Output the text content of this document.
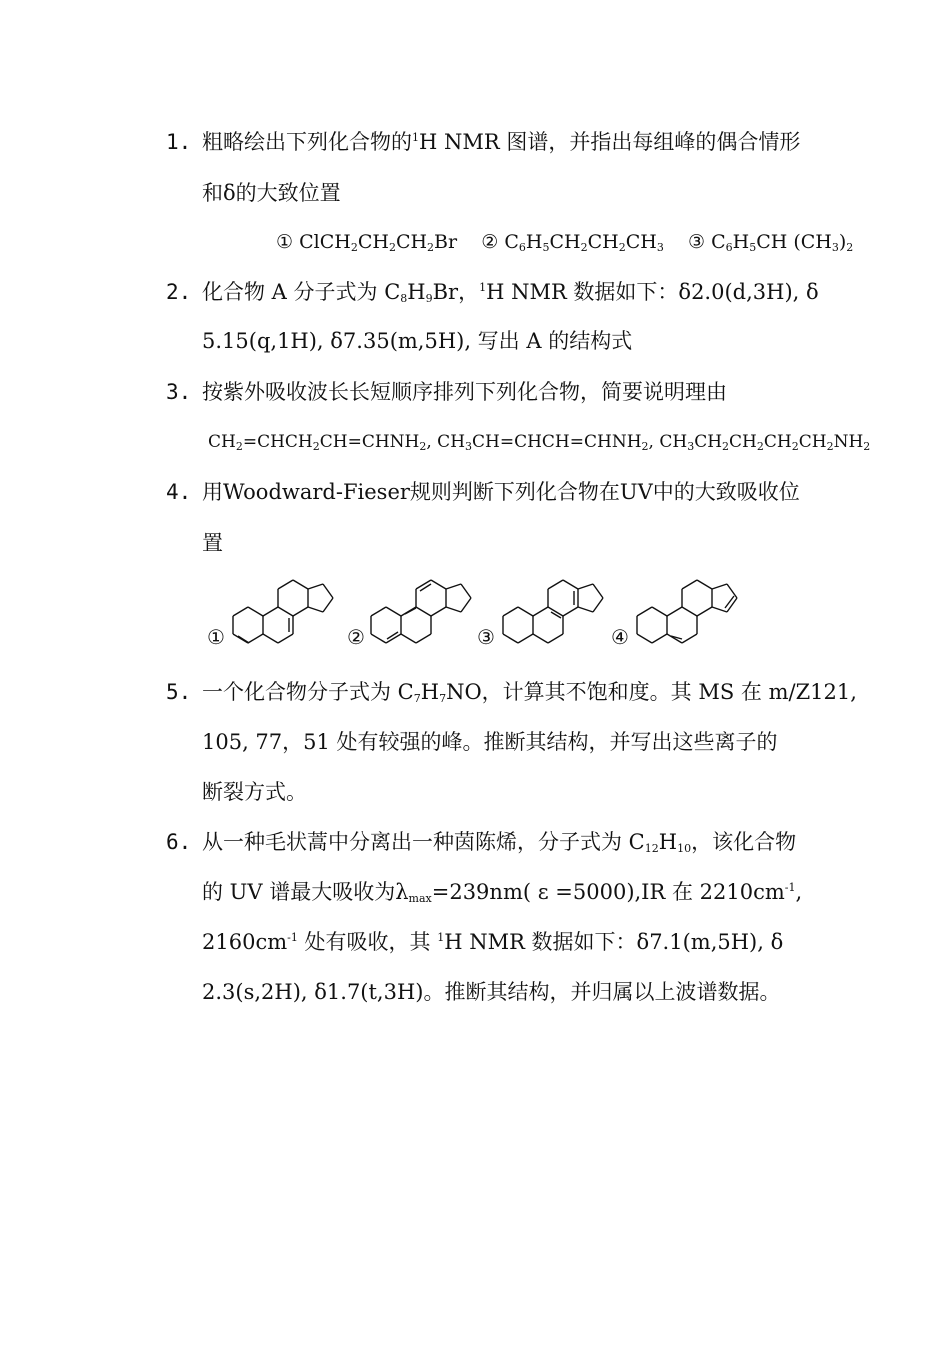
1. 粗略绘出下列化合物的$^1$H NMR 图谱，并指出每组峰的偶合情形
和δ的大致位置
① $ClCH_2CH_2CH_2Br$ ② $C_6H_5CH_2CH_2CH_3$ ③ $C_6H_5CH$ $(CH_3)_2$
2. 化合物 A 分子式为 $C_8H_9Br$，$^1$H NMR 数据如下：δ2.0(d,3H), δ
5.15(q,1H), δ7.35(m,5H), 写出 A 的结构式
3. 按紫外吸收波长长短顺序排列下列化合物，简要说明理由
$CH_2=CHCH_2CH=CHNH_2$, $CH_3CH=CHCH=CHNH_2$, $CH_3CH_2CH_2CH_2CH_2NH_2$
4. 用Woodward-Fieser规则判断下列化合物在UV中的大致吸收位
置
①	②	③	④
5. 一个化合物分子式为 $C_7H_7NO$，计算其不饱和度。其 MS 在 m/Z121,
105, 77，51 处有较强的峰。推断其结构，并写出这些离子的
断裂方式。
6. 从一种毛状蒿中分离出一种茵陈烯，分子式为 $C_{12}H_{10}$，该化合物
的 UV 谱最大吸收为$\lambda_{max}=239nm$( ε =5000),IR 在 $2210cm^{-1}$,
$2160cm^{-1}$ 处有吸收，其 $^1$H NMR 数据如下：δ7.1(m,5H), δ
2.3(s,2H), δ1.7(t,3H)。推断其结构，并归属以上波谱数据。
